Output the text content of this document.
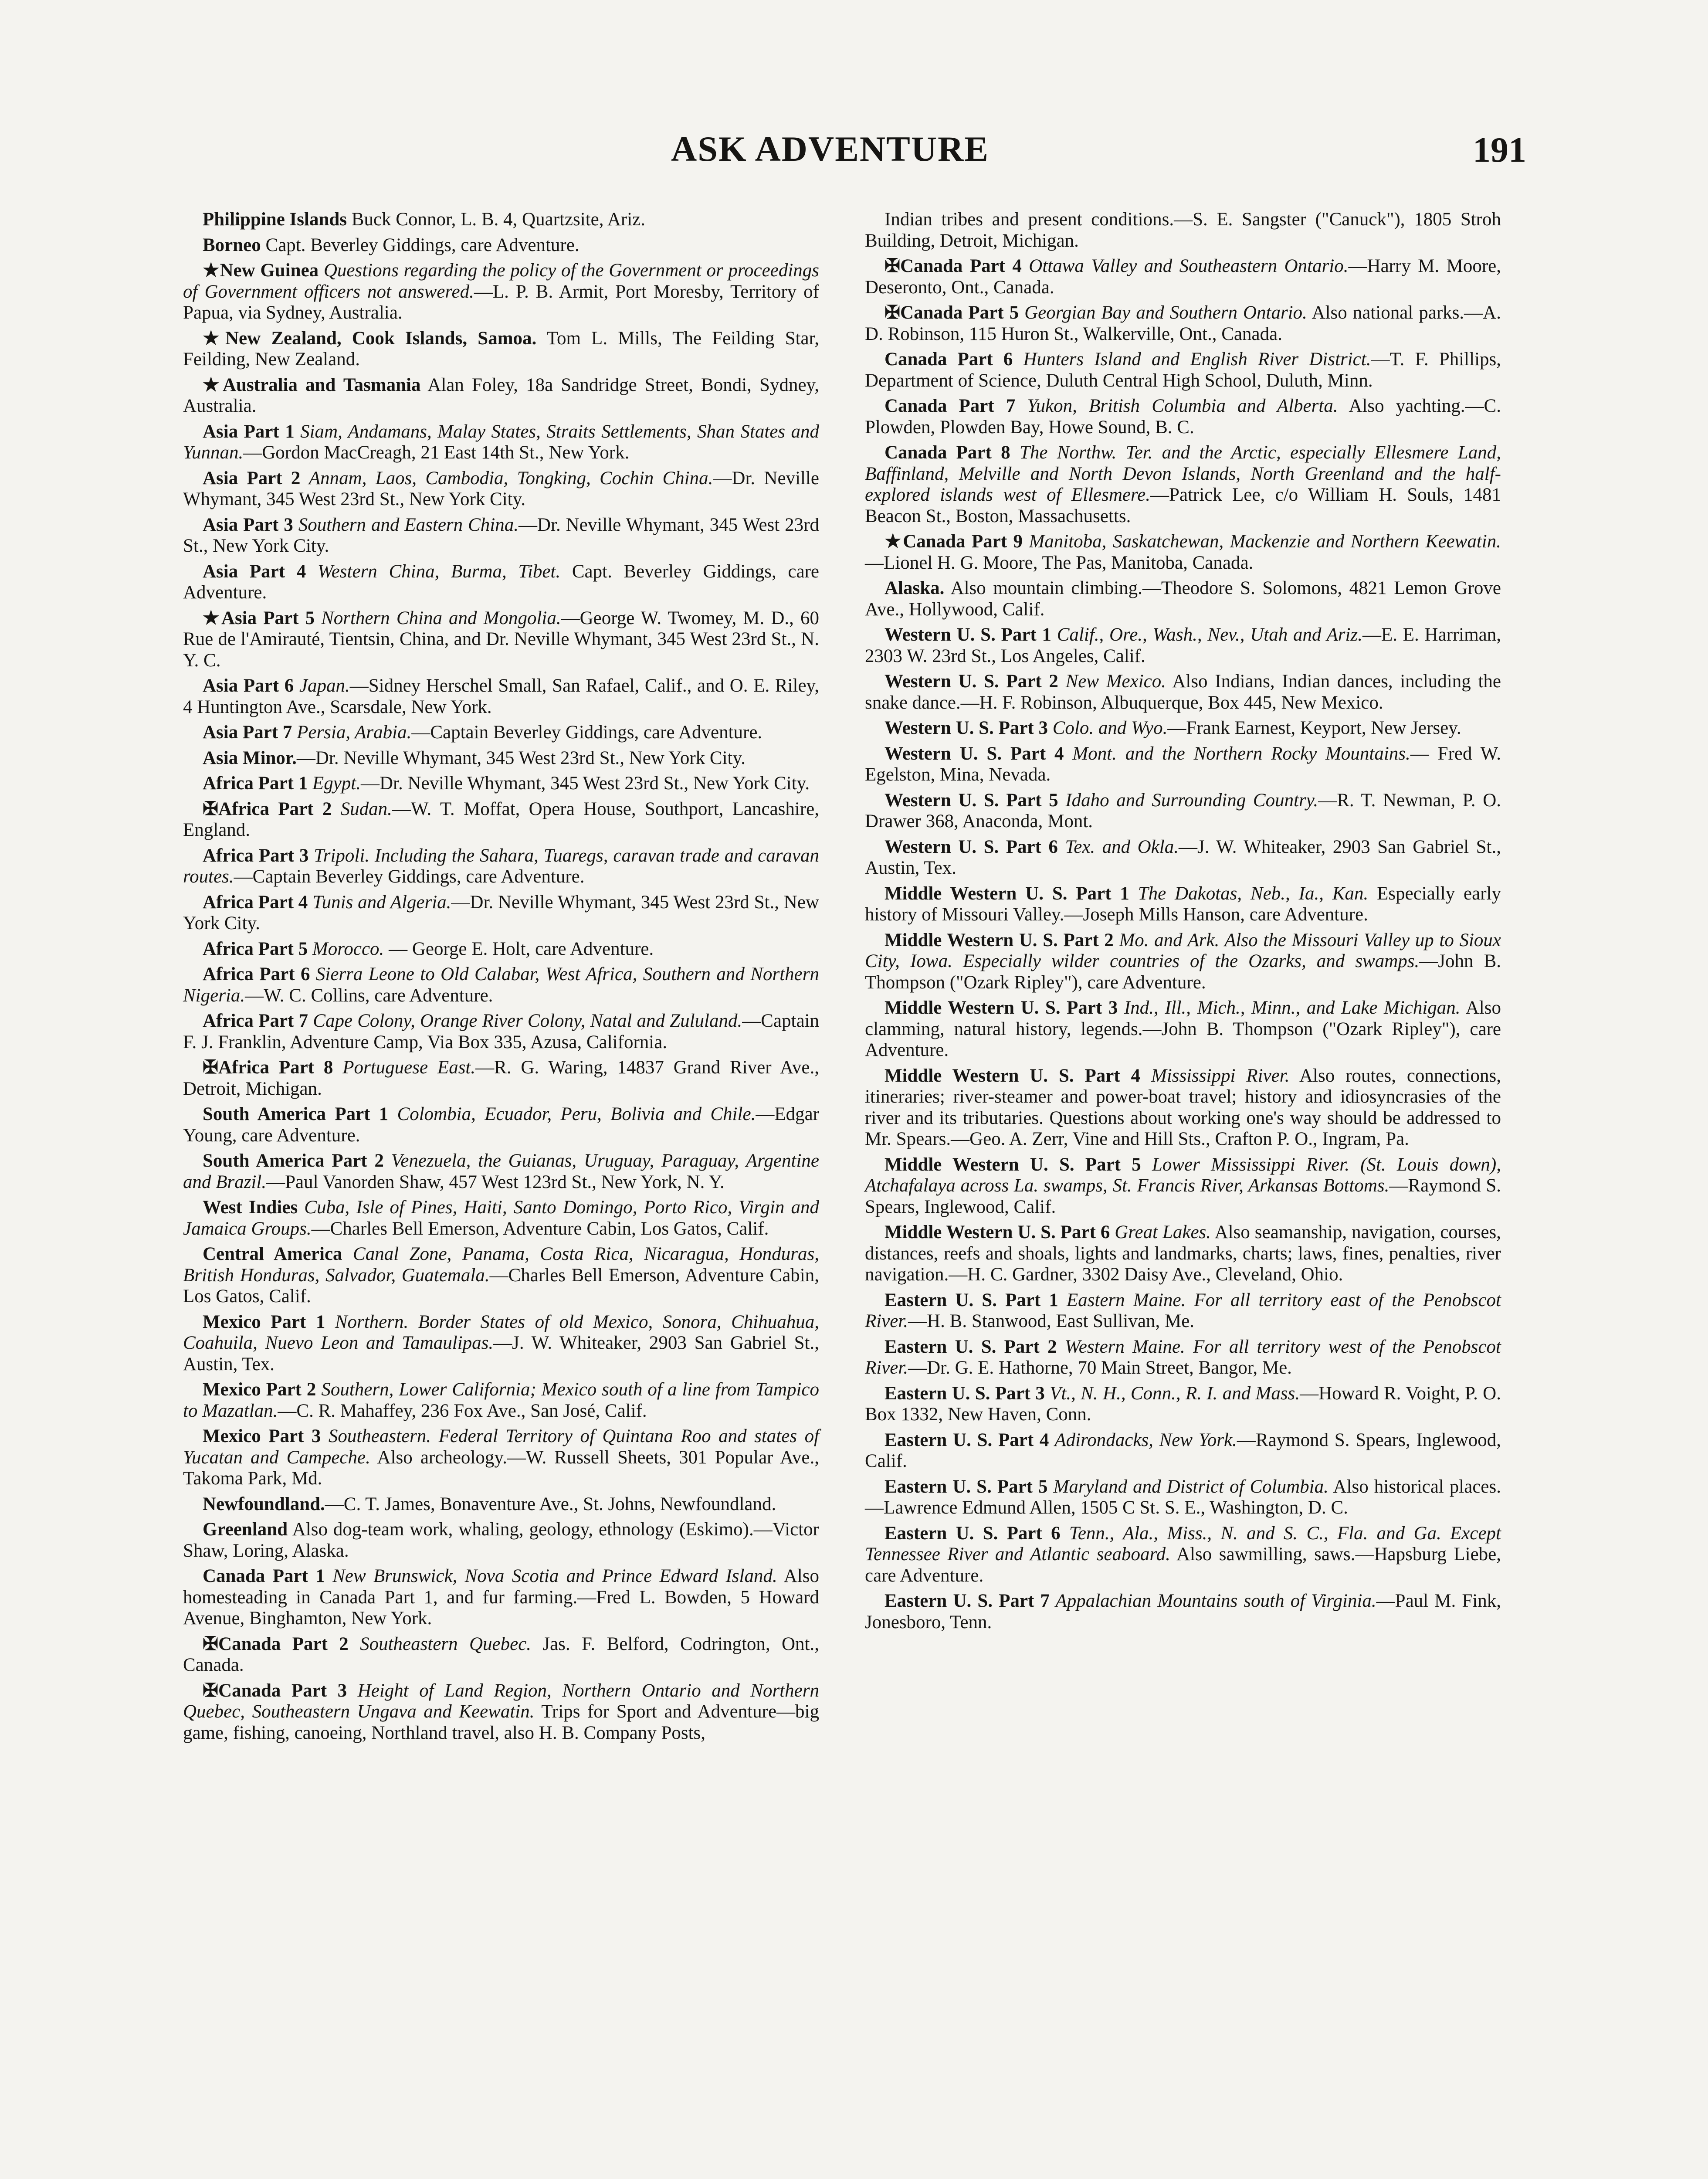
ASK ADVENTURE	191

Philippine Islands Buck Connor, L. B. 4, Quartzsite, Ariz.

Borneo Capt. Beverley Giddings, care Adventure.

★New Guinea Questions regarding the policy of the Government or proceedings of Government officers not answered.—L. P. B. Armit, Port Moresby, Territory of Papua, via Sydney, Australia.

★New Zealand, Cook Islands, Samoa. Tom L. Mills, The Feilding Star, Feilding, New Zealand.

★Australia and Tasmania Alan Foley, 18a Sandridge Street, Bondi, Sydney, Australia.

Asia Part 1 Siam, Andamans, Malay States, Straits Settlements, Shan States and Yunnan.—Gordon MacCreagh, 21 East 14th St., New York.

Asia Part 2 Annam, Laos, Cambodia, Tongking, Cochin China.—Dr. Neville Whymant, 345 West 23rd St., New York City.

Asia Part 3 Southern and Eastern China.—Dr. Neville Whymant, 345 West 23rd St., New York City.

Asia Part 4 Western China, Burma, Tibet. Capt. Beverley Giddings, care Adventure.

★Asia Part 5 Northern China and Mongolia.—George W. Twomey, M. D., 60 Rue de l'Amirauté, Tientsin, China, and Dr. Neville Whymant, 345 West 23rd St., N. Y. C.

Asia Part 6 Japan.—Sidney Herschel Small, San Rafael, Calif., and O. E. Riley, 4 Huntington Ave., Scarsdale, New York.

Asia Part 7 Persia, Arabia.—Captain Beverley Giddings, care Adventure.

Asia Minor.—Dr. Neville Whymant, 345 West 23rd St., New York City.

Africa Part 1 Egypt.—Dr. Neville Whymant, 345 West 23rd St., New York City.

✠Africa Part 2 Sudan.—W. T. Moffat, Opera House, Southport, Lancashire, England.

Africa Part 3 Tripoli. Including the Sahara, Tuaregs, caravan trade and caravan routes.—Captain Beverley Giddings, care Adventure.

Africa Part 4 Tunis and Algeria.—Dr. Neville Whymant, 345 West 23rd St., New York City.

Africa Part 5 Morocco. — George E. Holt, care Adventure.

Africa Part 6 Sierra Leone to Old Calabar, West Africa, Southern and Northern Nigeria.—W. C. Collins, care Adventure.

Africa Part 7 Cape Colony, Orange River Colony, Natal and Zululand.—Captain F. J. Franklin, Adventure Camp, Via Box 335, Azusa, California.

✠Africa Part 8 Portuguese East.—R. G. Waring, 14837 Grand River Ave., Detroit, Michigan.

South America Part 1 Colombia, Ecuador, Peru, Bolivia and Chile.—Edgar Young, care Adventure.

South America Part 2 Venezuela, the Guianas, Uruguay, Paraguay, Argentine and Brazil.—Paul Vanorden Shaw, 457 West 123rd St., New York, N. Y.

West Indies Cuba, Isle of Pines, Haiti, Santo Domingo, Porto Rico, Virgin and Jamaica Groups.—Charles Bell Emerson, Adventure Cabin, Los Gatos, Calif.

Central America Canal Zone, Panama, Costa Rica, Nicaragua, Honduras, British Honduras, Salvador, Guatemala.—Charles Bell Emerson, Adventure Cabin, Los Gatos, Calif.

Mexico Part 1 Northern. Border States of old Mexico, Sonora, Chihuahua, Coahuila, Nuevo Leon and Tamaulipas.—J. W. Whiteaker, 2903 San Gabriel St., Austin, Tex.

Mexico Part 2 Southern, Lower California; Mexico south of a line from Tampico to Mazatlan.—C. R. Mahaffey, 236 Fox Ave., San José, Calif.

Mexico Part 3 Southeastern. Federal Territory of Quintana Roo and states of Yucatan and Campeche. Also archeology.—W. Russell Sheets, 301 Popular Ave., Takoma Park, Md.

Newfoundland.—C. T. James, Bonaventure Ave., St. Johns, Newfoundland.

Greenland Also dog-team work, whaling, geology, ethnology (Eskimo).—Victor Shaw, Loring, Alaska.

Canada Part 1 New Brunswick, Nova Scotia and Prince Edward Island. Also homesteading in Canada Part 1, and fur farming.—Fred L. Bowden, 5 Howard Avenue, Binghamton, New York.

✠Canada Part 2 Southeastern Quebec. Jas. F. Belford, Codrington, Ont., Canada.

✠Canada Part 3 Height of Land Region, Northern Ontario and Northern Quebec, Southeastern Ungava and Keewatin. Trips for Sport and Adventure—big game, fishing, canoeing, Northland travel, also H. B. Company Posts,

Indian tribes and present conditions.—S. E. Sangster ("Canuck"), 1805 Stroh Building, Detroit, Michigan.

✠Canada Part 4 Ottawa Valley and Southeastern Ontario.—Harry M. Moore, Deseronto, Ont., Canada.

✠Canada Part 5 Georgian Bay and Southern Ontario. Also national parks.—A. D. Robinson, 115 Huron St., Walkerville, Ont., Canada.

Canada Part 6 Hunters Island and English River District.—T. F. Phillips, Department of Science, Duluth Central High School, Duluth, Minn.

Canada Part 7 Yukon, British Columbia and Alberta. Also yachting.—C. Plowden, Plowden Bay, Howe Sound, B. C.

Canada Part 8 The Northw. Ter. and the Arctic, especially Ellesmere Land, Baffinland, Melville and North Devon Islands, North Greenland and the half-explored islands west of Ellesmere.—Patrick Lee, c/o William H. Souls, 1481 Beacon St., Boston, Massachusetts.

★Canada Part 9 Manitoba, Saskatchewan, Mackenzie and Northern Keewatin.—Lionel H. G. Moore, The Pas, Manitoba, Canada.

Alaska. Also mountain climbing.—Theodore S. Solomons, 4821 Lemon Grove Ave., Hollywood, Calif.

Western U. S. Part 1 Calif., Ore., Wash., Nev., Utah and Ariz.—E. E. Harriman, 2303 W. 23rd St., Los Angeles, Calif.

Western U. S. Part 2 New Mexico. Also Indians, Indian dances, including the snake dance.—H. F. Robinson, Albuquerque, Box 445, New Mexico.

Western U. S. Part 3 Colo. and Wyo.—Frank Earnest, Keyport, New Jersey.

Western U. S. Part 4 Mont. and the Northern Rocky Mountains.— Fred W. Egelston, Mina, Nevada.

Western U. S. Part 5 Idaho and Surrounding Country.—R. T. Newman, P. O. Drawer 368, Anaconda, Mont.

Western U. S. Part 6 Tex. and Okla.—J. W. Whiteaker, 2903 San Gabriel St., Austin, Tex.

Middle Western U. S. Part 1 The Dakotas, Neb., Ia., Kan. Especially early history of Missouri Valley.—Joseph Mills Hanson, care Adventure.

Middle Western U. S. Part 2 Mo. and Ark. Also the Missouri Valley up to Sioux City, Iowa. Especially wilder countries of the Ozarks, and swamps.—John B. Thompson ("Ozark Ripley"), care Adventure.

Middle Western U. S. Part 3 Ind., Ill., Mich., Minn., and Lake Michigan. Also clamming, natural history, legends.—John B. Thompson ("Ozark Ripley"), care Adventure.

Middle Western U. S. Part 4 Mississippi River. Also routes, connections, itineraries; river-steamer and power-boat travel; history and idiosyncrasies of the river and its tributaries. Questions about working one's way should be addressed to Mr. Spears.—Geo. A. Zerr, Vine and Hill Sts., Crafton P. O., Ingram, Pa.

Middle Western U. S. Part 5 Lower Mississippi River. (St. Louis down), Atchafalaya across La. swamps, St. Francis River, Arkansas Bottoms.—Raymond S. Spears, Inglewood, Calif.

Middle Western U. S. Part 6 Great Lakes. Also seamanship, navigation, courses, distances, reefs and shoals, lights and landmarks, charts; laws, fines, penalties, river navigation.—H. C. Gardner, 3302 Daisy Ave., Cleveland, Ohio.

Eastern U. S. Part 1 Eastern Maine. For all territory east of the Penobscot River.—H. B. Stanwood, East Sullivan, Me.

Eastern U. S. Part 2 Western Maine. For all territory west of the Penobscot River.—Dr. G. E. Hathorne, 70 Main Street, Bangor, Me.

Eastern U. S. Part 3 Vt., N. H., Conn., R. I. and Mass.—Howard R. Voight, P. O. Box 1332, New Haven, Conn.

Eastern U. S. Part 4 Adirondacks, New York.—Raymond S. Spears, Inglewood, Calif.

Eastern U. S. Part 5 Maryland and District of Columbia. Also historical places.—Lawrence Edmund Allen, 1505 C St. S. E., Washington, D. C.

Eastern U. S. Part 6 Tenn., Ala., Miss., N. and S. C., Fla. and Ga. Except Tennessee River and Atlantic seaboard. Also sawmilling, saws.—Hapsburg Liebe, care Adventure.

Eastern U. S. Part 7 Appalachian Mountains south of Virginia.—Paul M. Fink, Jonesboro, Tenn.
